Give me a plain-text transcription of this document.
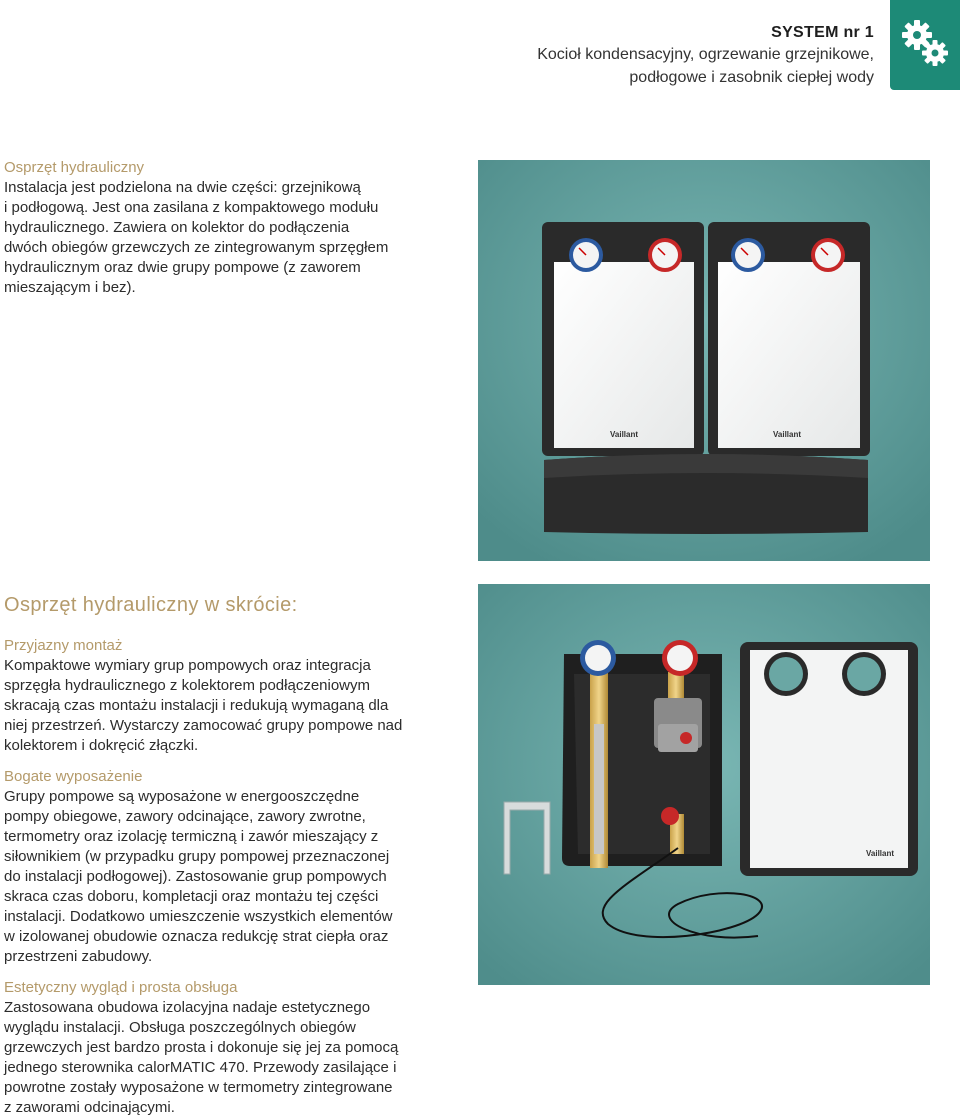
SYSTEM nr 1
Kocioł kondensacyjny, ogrzewanie grzejnikowe,
podłogowe i zasobnik ciepłej wody
Osprzęt hydrauliczny

Instalacja jest podzielona na dwie części: grzejnikową

i podłogową. Jest ona zasilana z kompaktowego modułu

hydraulicznego. Zawiera on kolektor do podłączenia

dwóch obiegów grzewczych ze zintegrowanym sprzęgłem

hydraulicznym oraz dwie grupy pompowe (z zaworem

mieszającym i bez).

Osprzęt hydrauliczny w skrócie:
Przyjazny montaż

Kompaktowe wymiary grup pompowych oraz integracja

sprzęgła hydraulicznego z kolektorem podłączeniowym

skracają czas montażu instalacji i redukują wymaganą dla

niej przestrzeń. Wystarczy zamocować grupy pompowe nad

kolektorem i dokręcić złączki.

Bogate wyposażenie

Grupy pompowe są wyposażone w energooszczędne

pompy obiegowe, zawory odcinające, zawory zwrotne,

termometry oraz izolację termiczną i zawór mieszający z

siłownikiem (w przypadku grupy pompowej przeznaczonej

do instalacji podłogowej). Zastosowanie grup pompowych

skraca czas doboru, kompletacji oraz montażu tej części

instalacji. Dodatkowo umieszczenie wszystkich elementów

w izolowanej obudowie oznacza redukcję strat ciepła oraz

przestrzeni zabudowy.

Estetyczny wygląd i prosta obsługa

Zastosowana obudowa izolacyjna nadaje estetycznego

wyglądu instalacji. Obsługa poszczególnych obiegów

grzewczych jest bardzo prosta i dokonuje się jej za pomocą

jednego sterownika calorMATIC 470. Przewody zasilające i

powrotne zostały wyposażone w termometry zintegrowane

z zaworami odcinającymi.

Vaillant	Vaillant
Vaillant
